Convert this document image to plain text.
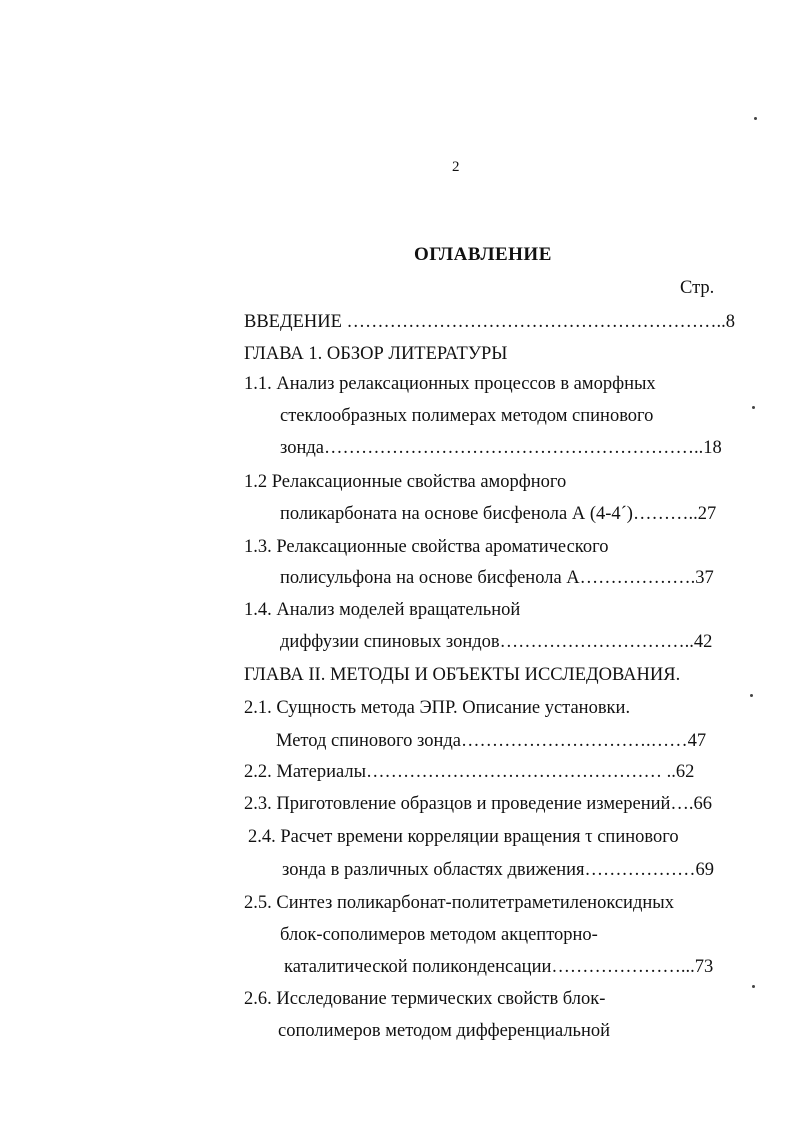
2
ОГЛАВЛЕНИЕ
Стр.
ВВЕДЕНИЕ ……………………………………………………..8
ГЛАВА 1. ОБЗОР ЛИТЕРАТУРЫ
1.1. Анализ релаксационных процессов в аморфных
стеклообразных полимерах методом спинового
зонда……………………………………………………..18
1.2 Релаксационные свойства аморфного
поликарбоната на основе бисфенола А (4-4´)………..27
1.3. Релаксационные свойства ароматического
полисульфона на основе бисфенола А……………….37
1.4. Анализ моделей вращательной
диффузии спиновых зондов…………………………..42
ГЛАВА II. МЕТОДЫ И ОБЪЕКТЫ ИССЛЕДОВАНИЯ.
2.1. Сущность метода ЭПР. Описание установки.
Метод спинового зонда………………………….……47
2.2. Материалы………………………………………… ..62
2.3. Приготовление образцов и проведение измерений….66
2.4. Расчет времени корреляции вращения τ спинового
зонда в различных областях движения………………69
2.5. Синтез поликарбонат-политетраметиленоксидных
блок-сополимеров методом акцепторно-
каталитической поликонденсации…………………...73
2.6. Исследование термических свойств блок-
сополимеров методом дифференциальной
